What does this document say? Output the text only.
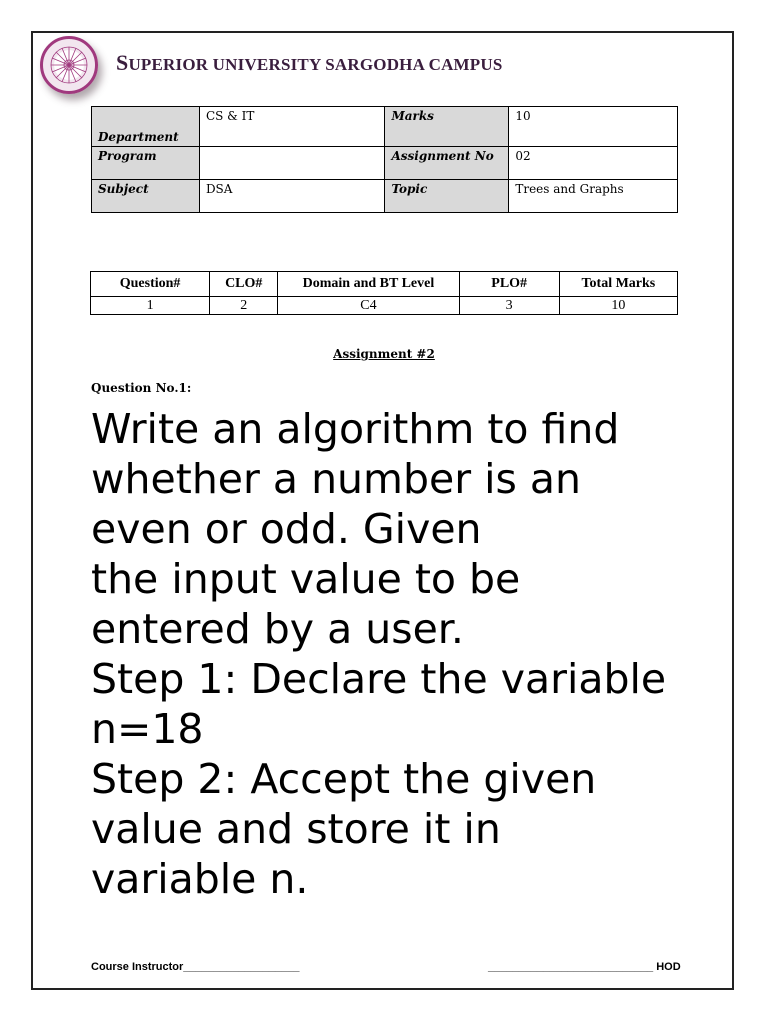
SUPERIOR UNIVERSITY SARGODHA CAMPUS
Department	CS & IT	Marks	10
Program		Assignment No	02
Subject	DSA	Topic	Trees and Graphs
Question#	CLO#	Domain and BT Level	PLO#	Total Marks
1	2	C4	3	10
Assignment #2
Question No.1:
Write an algorithm to find
whether a number is an
even or odd. Given
the input value to be
entered by a user.
Step 1: Declare the variable
n=18
Step 2: Accept the given
value and store it in
variable n.
Course Instructor___________________	___________________________ HOD
